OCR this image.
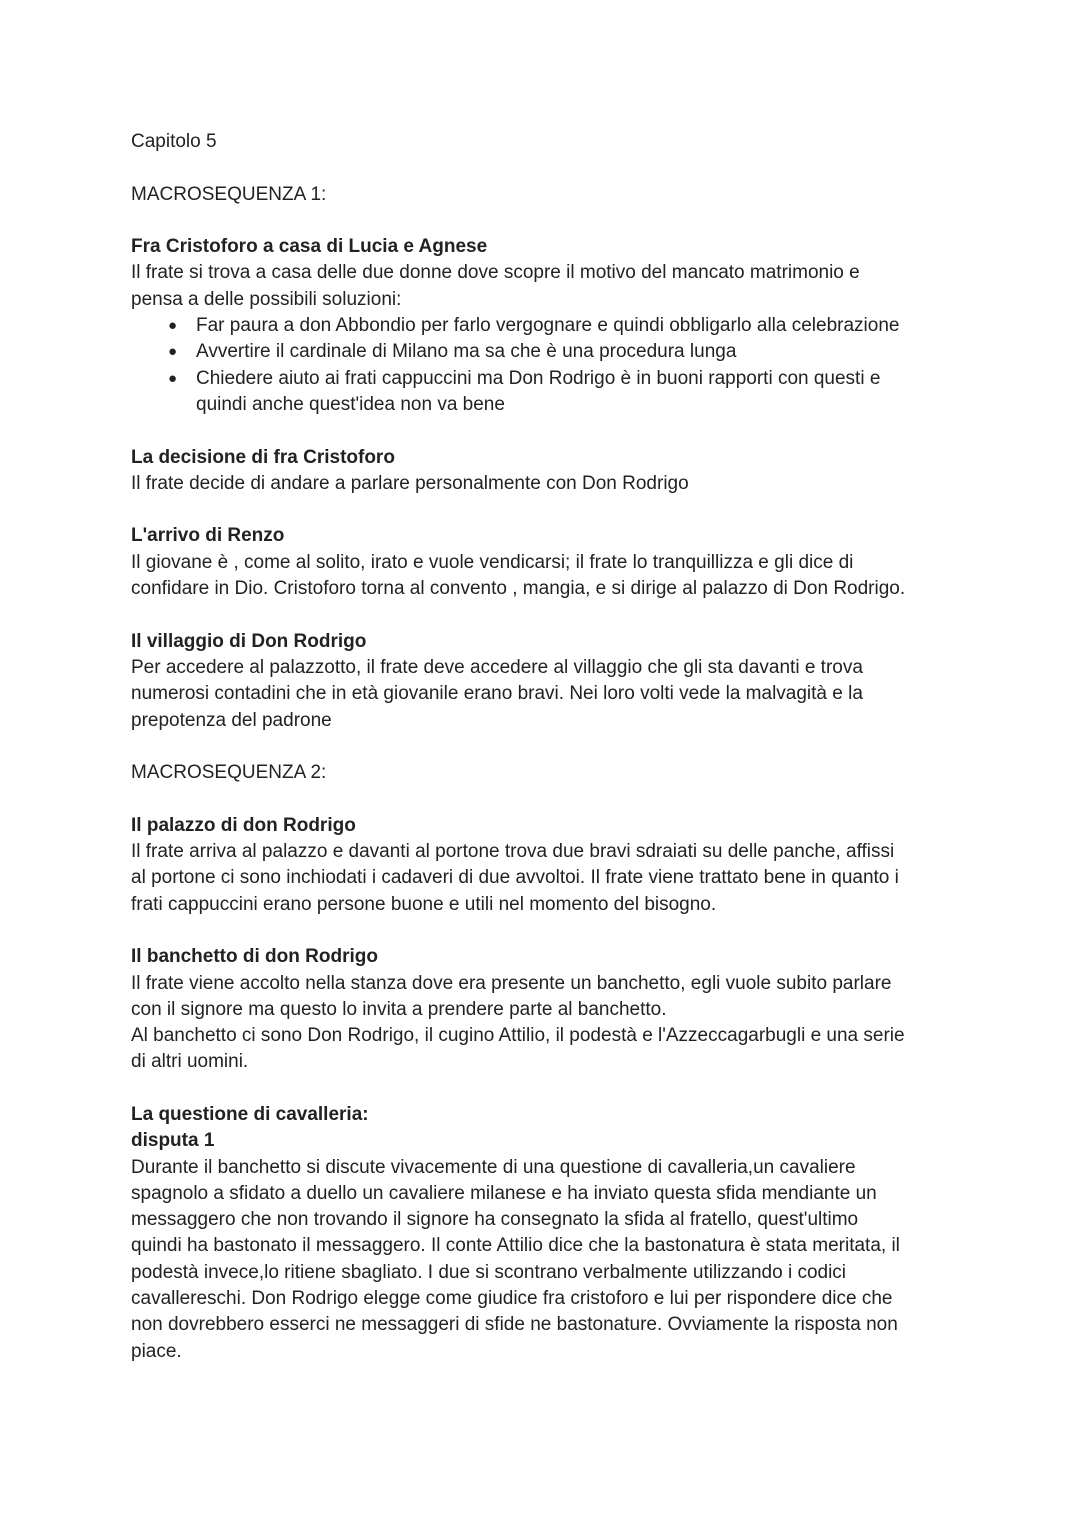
Capitolo 5

MACROSEQUENZA 1:

Fra Cristoforo a casa di Lucia e Agnese

Il frate si trova a casa delle due donne dove scopre il motivo del mancato matrimonio e

pensa a delle possibili soluzioni:

● Far paura a don Abbondio per farlo vergognare e quindi obbligarlo alla celebrazione
● Avvertire il cardinale di Milano ma sa che è una procedura lunga
● Chiedere aiuto ai frati cappuccini ma Don Rodrigo è in buoni rapporti con questi e
quindi anche quest'idea non va bene

La decisione di fra Cristoforo

Il frate decide di andare a parlare personalmente con Don Rodrigo

L'arrivo di Renzo

Il giovane è , come al solito, irato e vuole vendicarsi; il frate lo tranquillizza e gli dice di

confidare in Dio. Cristoforo torna al convento , mangia, e si dirige al palazzo di Don Rodrigo.

Il villaggio di Don Rodrigo

Per accedere al palazzotto, il frate deve accedere al villaggio che gli sta davanti e trova

numerosi contadini che in età giovanile erano bravi. Nei loro volti vede la malvagità e la

prepotenza del padrone

MACROSEQUENZA 2:

Il palazzo di don Rodrigo

Il frate arriva al palazzo e davanti al portone trova due bravi sdraiati su delle panche, affissi

al portone ci sono inchiodati i cadaveri di due avvoltoi. Il frate viene trattato bene in quanto i

frati cappuccini erano persone buone e utili nel momento del bisogno.

Il banchetto di don Rodrigo

Il frate viene accolto nella stanza dove era presente un banchetto, egli vuole subito parlare

con il signore ma questo lo invita a prendere parte al banchetto.

Al banchetto ci sono Don Rodrigo, il cugino Attilio, il podestà e l'Azzeccagarbugli e una serie

di altri uomini.

La questione di cavalleria:

disputa 1

Durante il banchetto si discute vivacemente di una questione di cavalleria,un cavaliere

spagnolo a sfidato a duello un cavaliere milanese e ha inviato questa sfida mendiante un

messaggero che non trovando il signore ha consegnato la sfida al fratello, quest'ultimo

quindi ha bastonato il messaggero. Il conte Attilio dice che la bastonatura è stata meritata, il

podestà invece,lo ritiene sbagliato. I due si scontrano verbalmente utilizzando i codici

cavallereschi. Don Rodrigo elegge come giudice fra cristoforo e lui per rispondere dice che

non dovrebbero esserci ne messaggeri di sfide ne bastonature. Ovviamente la risposta non

piace.
